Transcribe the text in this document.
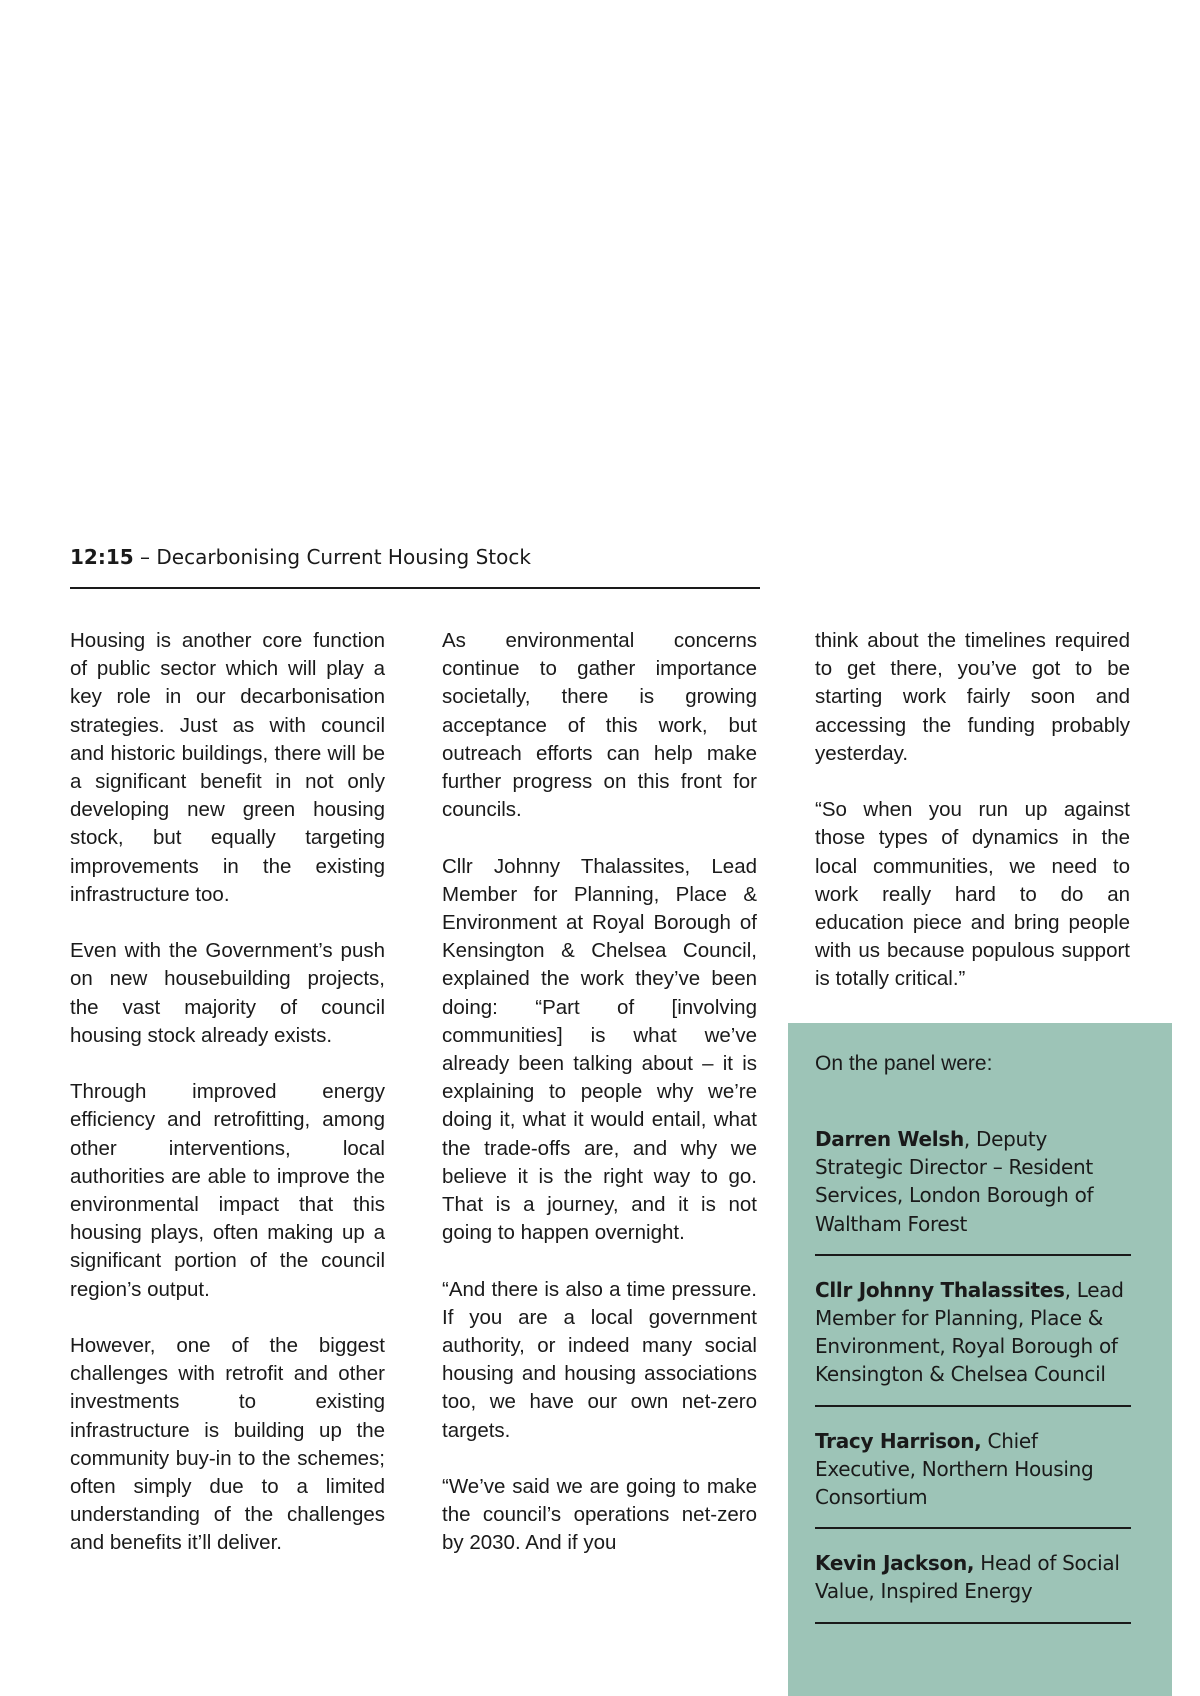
12:15 – Decarbonising Current Housing Stock

Housing is another core function of public sector which will play a key role in our decarbonisation strategies. Just as with council and historic buildings, there will be a significant benefit in not only developing new green housing stock, but equally targeting improvements in the existing infrastructure too.

Even with the Government’s push on new housebuilding projects, the vast majority of council housing stock already exists.

Through improved energy efficiency and retrofitting, among other interventions, local authorities are able to improve the environmental impact that this housing plays, often making up a significant portion of the council region’s output.

However, one of the biggest challenges with retrofit and other investments to existing infrastructure is building up the community buy-in to the schemes; often simply due to a limited understanding of the challenges and benefits it’ll deliver.

As environmental concerns continue to gather importance societally, there is growing acceptance of this work, but outreach efforts can help make further progress on this front for councils.

Cllr Johnny Thalassites, Lead Member for Planning, Place & Environment at Royal Borough of Kensington & Chelsea Council, explained the work they’ve been doing: “Part of [involving communities] is what we’ve already been talking about – it is explaining to people why we’re doing it, what it would entail, what the trade-offs are, and why we believe it is the right way to go. That is a journey, and it is not going to happen overnight.

“And there is also a time pressure. If you are a local government authority, or indeed many social housing and housing associations too, we have our own net-zero targets.

“We’ve said we are going to make the council’s operations net-zero by 2030. And if you

think about the timelines required to get there, you’ve got to be starting work fairly soon and accessing the funding probably yesterday.

“So when you run up against those types of dynamics in the local communities, we need to work really hard to do an education piece and bring people with us because populous support is totally critical.”

On the panel were:
Darren Welsh, Deputy Strategic Director – Resident Services, London Borough of Waltham Forest
Cllr Johnny Thalassites, Lead Member for Planning, Place & Environment, Royal Borough of Kensington & Chelsea Council
Tracy Harrison, Chief Executive, Northern Housing Consortium
Kevin Jackson, Head of Social Value, Inspired Energy
